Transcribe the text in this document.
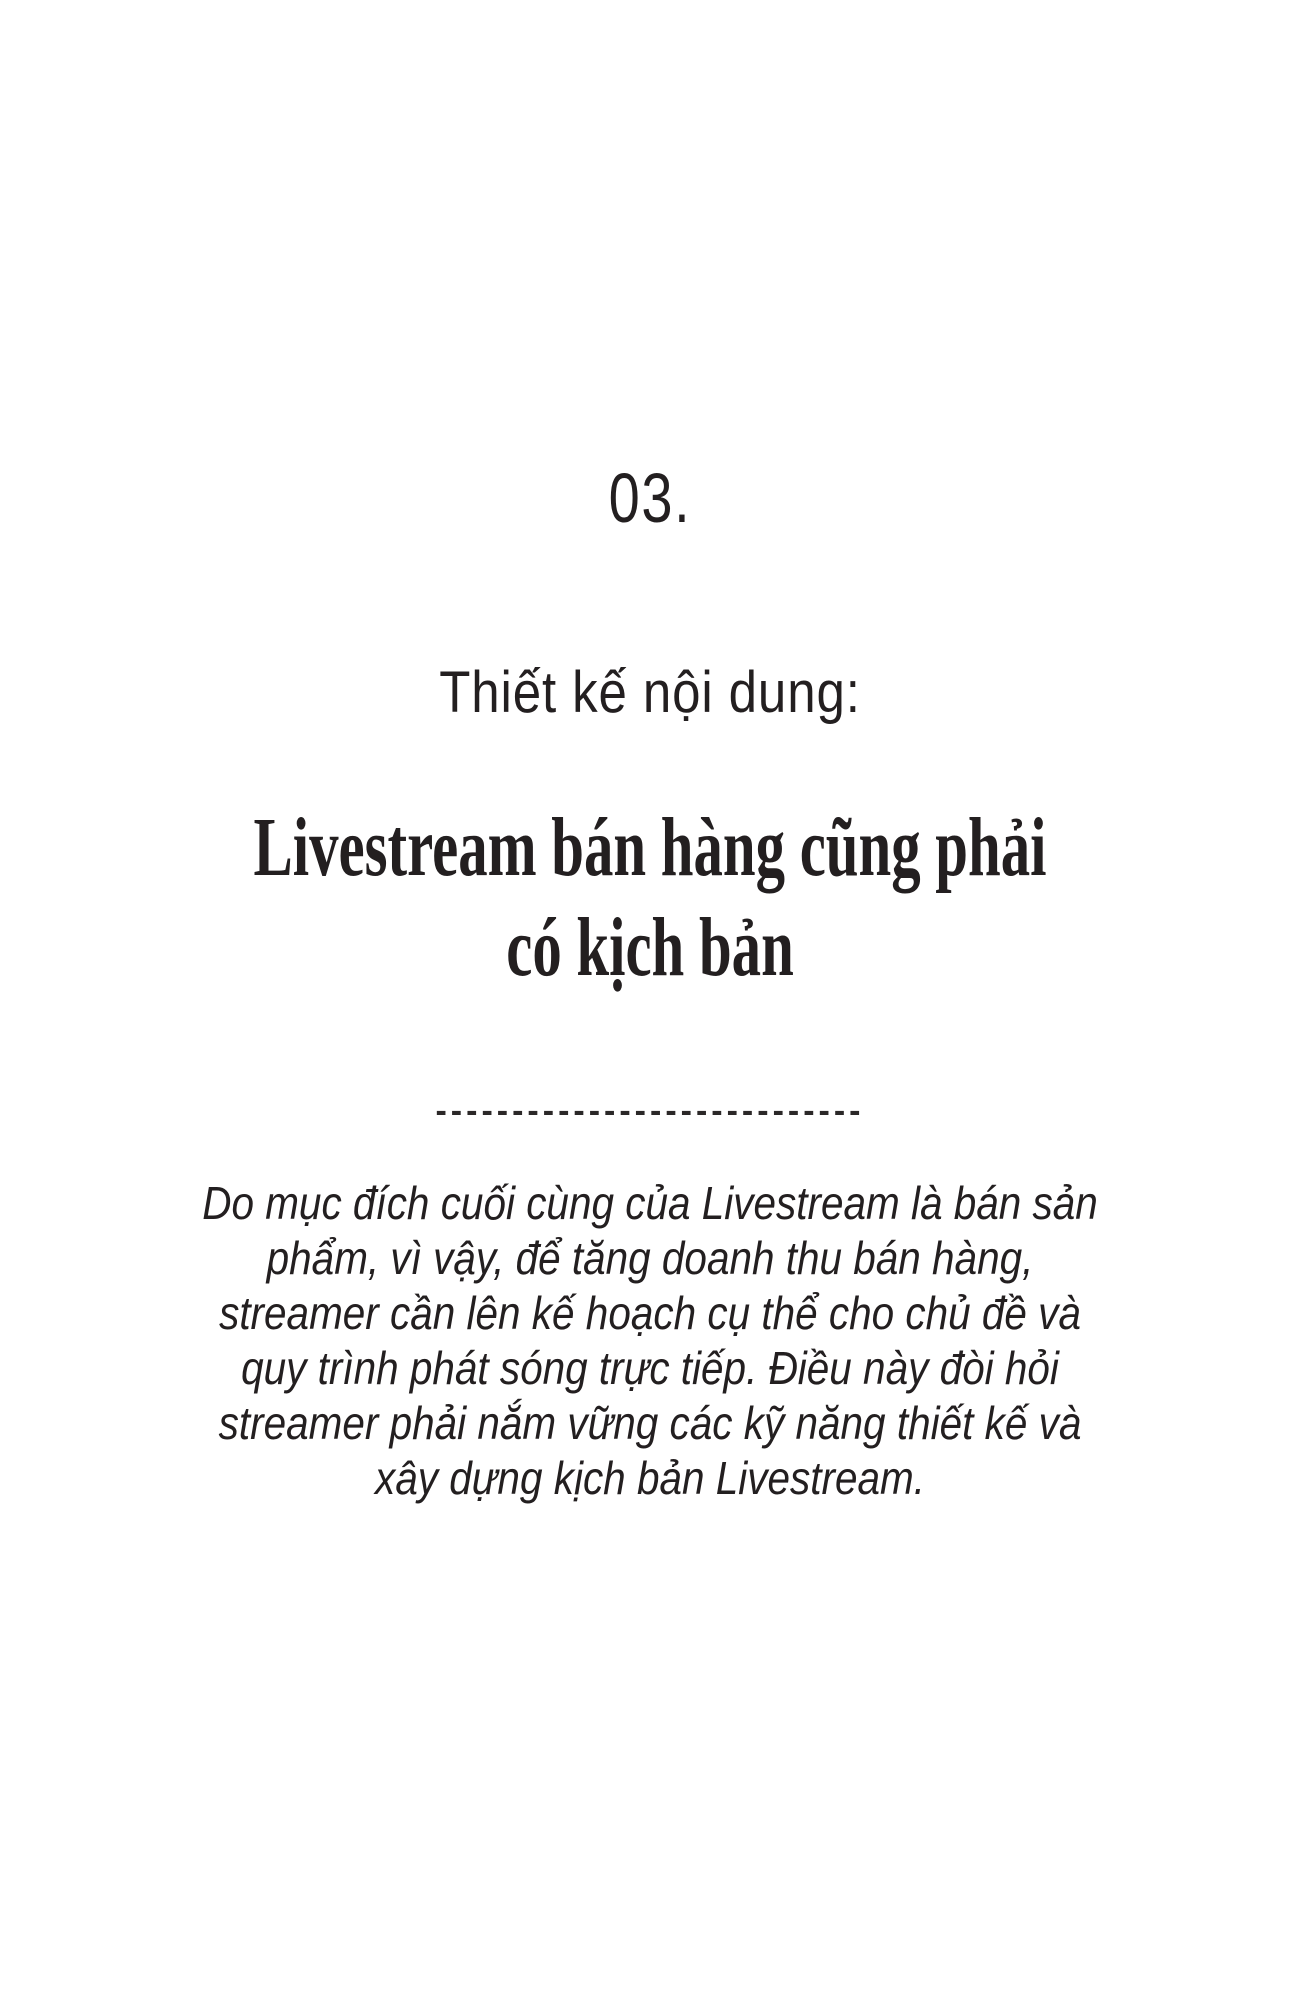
03.
Thiết kế nội dung:
Livestream bán hàng cũng phải
có kịch bản
----------------------------
Do mục đích cuối cùng của Livestream là bán sản
phẩm, vì vậy, để tăng doanh thu bán hàng,
streamer cần lên kế hoạch cụ thể cho chủ đề và
quy trình phát sóng trực tiếp. Điều này đòi hỏi
streamer phải nắm vững các kỹ năng thiết kế và
xây dựng kịch bản Livestream.
